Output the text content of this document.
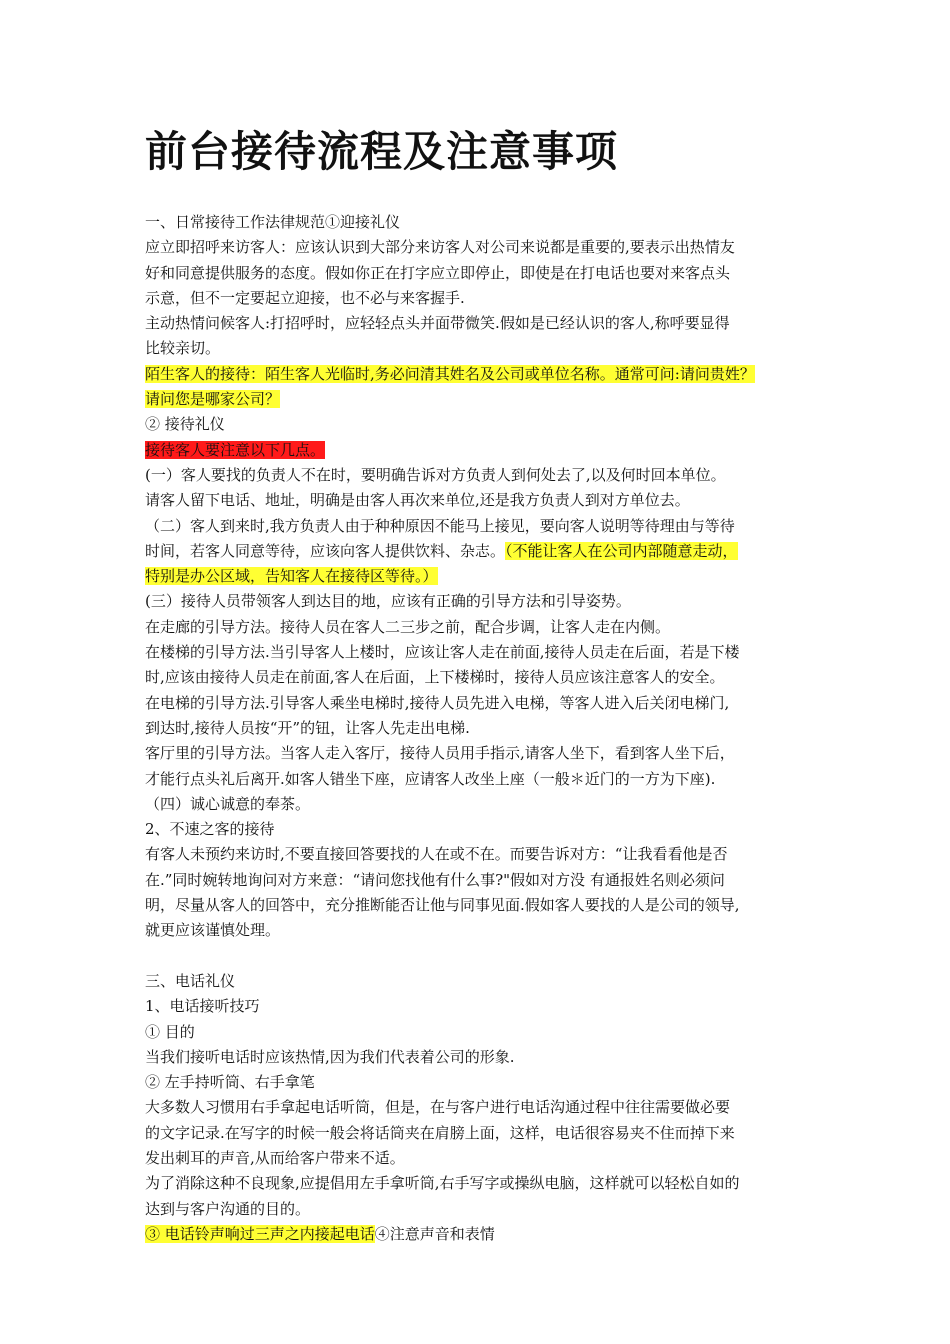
前台接待流程及注意事项
一、日常接待工作法律规范①迎接礼仪
应立即招呼来访客人：应该认识到大部分来访客人对公司来说都是重要的,要表示出热情友
好和同意提供服务的态度。假如你正在打字应立即停止，即使是在打电话也要对来客点头
示意，但不一定要起立迎接，也不必与来客握手.
主动热情问候客人:打招呼时，应轻轻点头并面带微笑.假如是已经认识的客人,称呼要显得
比较亲切。
陌生客人的接待：陌生客人光临时,务必问清其姓名及公司或单位名称。通常可问:请问贵姓？
请问您是哪家公司？
② 接待礼仪
接待客人要注意以下几点。
(一）客人要找的负责人不在时，要明确告诉对方负责人到何处去了,以及何时回本单位。
请客人留下电话、地址，明确是由客人再次来单位,还是我方负责人到对方单位去。
（二）客人到来时,我方负责人由于种种原因不能马上接见，要向客人说明等待理由与等待
时间，若客人同意等待，应该向客人提供饮料、杂志。（不能让客人在公司内部随意走动，
特别是办公区域，告知客人在接待区等待。）
(三）接待人员带领客人到达目的地，应该有正确的引导方法和引导姿势。
在走廊的引导方法。接待人员在客人二三步之前，配合步调，让客人走在内侧。
在楼梯的引导方法.当引导客人上楼时，应该让客人走在前面,接待人员走在后面，若是下楼
时,应该由接待人员走在前面,客人在后面，上下楼梯时，接待人员应该注意客人的安全。
在电梯的引导方法.引导客人乘坐电梯时,接待人员先进入电梯，等客人进入后关闭电梯门,
到达时,接待人员按“开”的钮，让客人先走出电梯.
客厅里的引导方法。当客人走入客厅，接待人员用手指示,请客人坐下，看到客人坐下后，
才能行点头礼后离开.如客人错坐下座，应请客人改坐上座（一般＊近门的一方为下座).
（四）诚心诚意的奉茶。
2、不速之客的接待
有客人未预约来访时,不要直接回答要找的人在或不在。而要告诉对方：“让我看看他是否
在.”同时婉转地询问对方来意：“请问您找他有什么事?"假如对方没 有通报姓名则必须问
明，尽量从客人的回答中，充分推断能否让他与同事见面.假如客人要找的人是公司的领导,
就更应该谨慎处理。
三、电话礼仪
1、电话接听技巧
① 目的
当我们接听电话时应该热情,因为我们代表着公司的形象.
② 左手持听筒、右手拿笔
大多数人习惯用右手拿起电话听筒，但是，在与客户进行电话沟通过程中往往需要做必要
的文字记录.在写字的时候一般会将话筒夹在肩膀上面，这样，电话很容易夹不住而掉下来
发出刺耳的声音,从而给客户带来不适。
为了消除这种不良现象,应提倡用左手拿听筒,右手写字或操纵电脑，这样就可以轻松自如的
达到与客户沟通的目的。
③ 电话铃声响过三声之内接起电话④注意声音和表情
